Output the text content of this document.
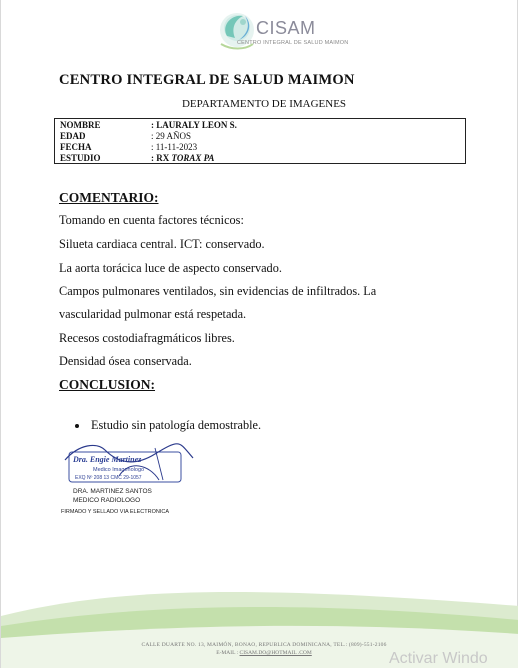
CISAM
CENTRO INTEGRAL DE SALUD MAIMON
CENTRO INTEGRAL DE SALUD MAIMON
DEPARTAMENTO DE IMAGENES
NOMBRE	: LAURALY LEON S.
EDAD	: 29 AÑOS
FECHA	: 11-11-2023
ESTUDIO	: RX TORAX PA
COMENTARIO:
Tomando en cuenta factores técnicos:
Silueta cardiaca central. ICT: conservado.
La aorta torácica luce de aspecto conservado.
Campos pulmonares ventilados, sin evidencias de infiltrados. La
vascularidad pulmonar está respetada.
Recesos costodiafragmáticos libres.
Densidad ósea conservada.
CONCLUSION:
Estudio sin patología demostrable.
Dra. Engie Martinez
Medico Imagenologo
EXQ Nº 208 13 CMC 29-1057
DRA. MARTINEZ SANTOS
MEDICO RADIOLOGO
FIRMADO Y SELLADO VIA ELECTRONICA
CALLE DUARTE NO. 13, MAIMÓN, BONAO, REPUBLICA DOMINICANA, TEL.: (809)-551-2106
E-MAIL : CISAM.DO@HOTMAIL .COM	Activar Windo
